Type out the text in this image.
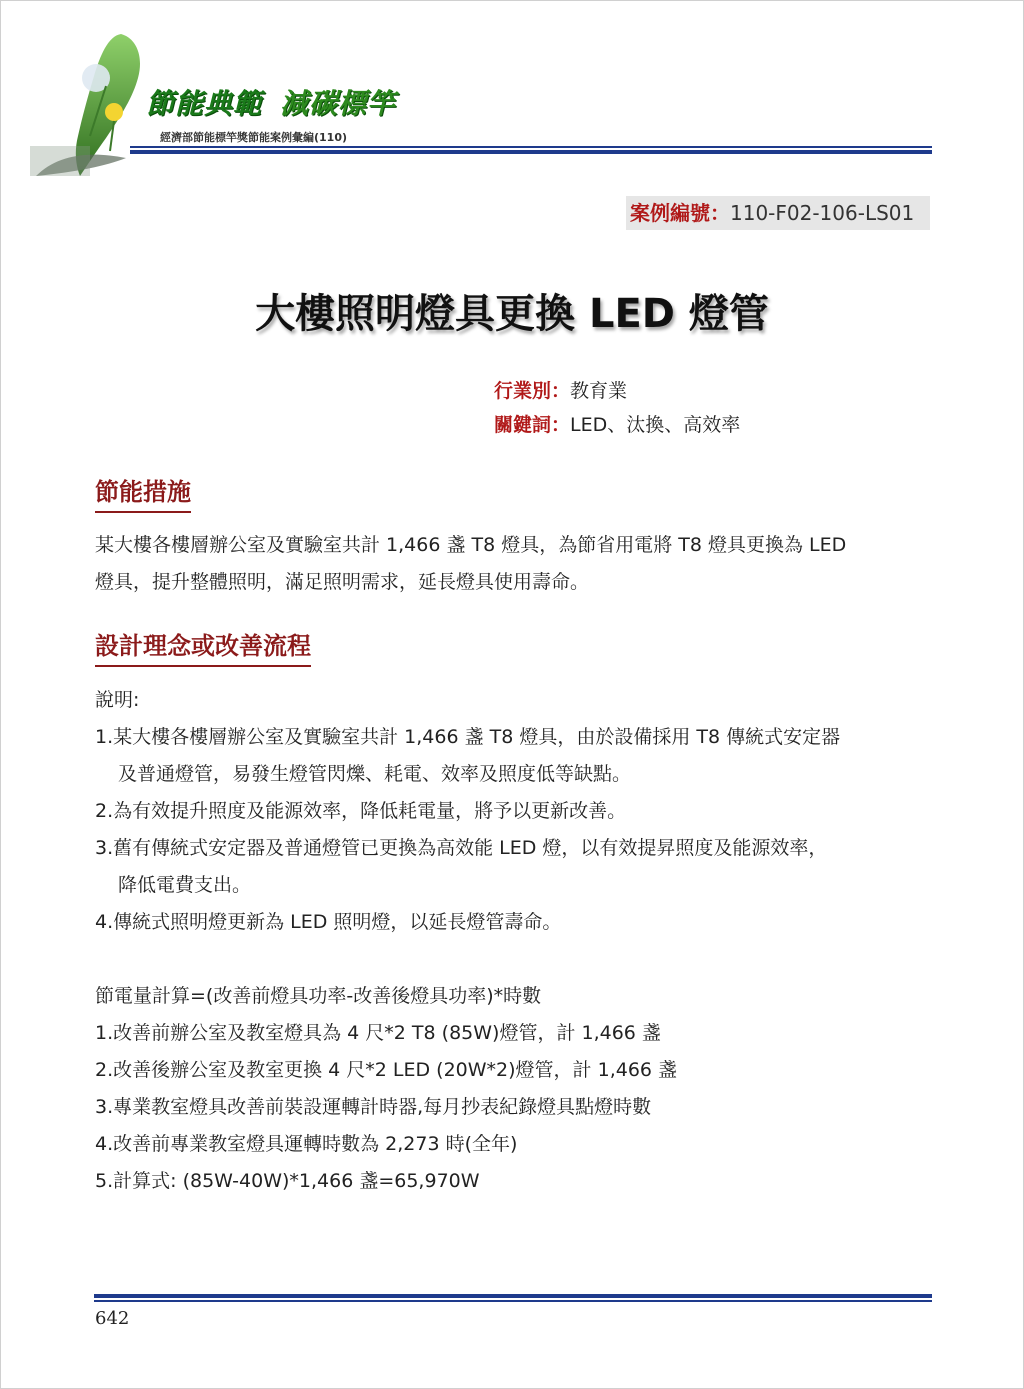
節能典範 減碳標竿
經濟部節能標竿獎節能案例彙編(110)
案例編號：110-F02-106-LS01
大樓照明燈具更換 LED 燈管
行業別：教育業
關鍵詞：LED、汰換、高效率
節能措施
某大樓各樓層辦公室及實驗室共計 1,466 盞 T8 燈具，為節省用電將 T8 燈具更換為 LED
燈具，提升整體照明，滿足照明需求，延長燈具使用壽命。
設計理念或改善流程
說明:
1.某大樓各樓層辦公室及實驗室共計 1,466 盞 T8 燈具，由於設備採用 T8 傳統式安定器
及普通燈管，易發生燈管閃爍、耗電、效率及照度低等缺點。
2.為有效提升照度及能源效率，降低耗電量，將予以更新改善。
3.舊有傳統式安定器及普通燈管已更換為高效能 LED 燈，以有效提昇照度及能源效率，
降低電費支出。
4.傳統式照明燈更新為 LED 照明燈，以延長燈管壽命。
節電量計算=(改善前燈具功率-改善後燈具功率)*時數
1.改善前辦公室及教室燈具為 4 尺*2 T8 (85W)燈管，計 1,466 盞
2.改善後辦公室及教室更換 4 尺*2 LED (20W*2)燈管，計 1,466 盞
3.專業教室燈具改善前裝設運轉計時器,每月抄表紀錄燈具點燈時數
4.改善前專業教室燈具運轉時數為 2,273 時(全年)
5.計算式: (85W-40W)*1,466 盞=65,970W
642
